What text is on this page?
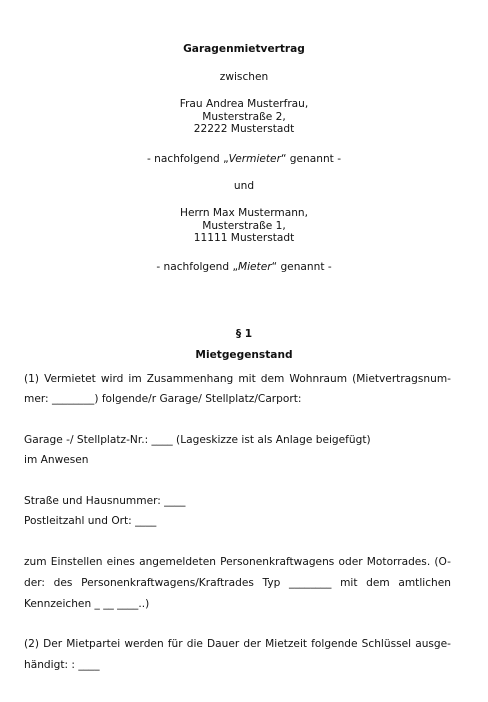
Garagenmietvertrag
zwischen
Frau Andrea Musterfrau,
Musterstraße 2,
22222 Musterstadt
- nachfolgend „Vermieter“ genannt -
und
Herrn Max Mustermann,
Musterstraße 1,
11111 Musterstadt
- nachfolgend „Mieter“ genannt -
§ 1
Mietgegenstand
(1) Vermietet wird im Zusammenhang mit dem Wohnraum (Mietvertragsnum-
mer: ________) folgende/r Garage/ Stellplatz/Carport:
Garage -/ Stellplatz-Nr.: ____ (Lageskizze ist als Anlage beigefügt)
im Anwesen
Straße und Hausnummer: ____
Postleitzahl und Ort: ____
zum Einstellen eines angemeldeten Personenkraftwagens oder Motorrades. (O-
der: des Personenkraftwagens/Kraftrades Typ ________ mit dem amtlichen
Kennzeichen _ __ ____..)
(2) Der Mietpartei werden für die Dauer der Mietzeit folgende Schlüssel ausge-
händigt: : ____
